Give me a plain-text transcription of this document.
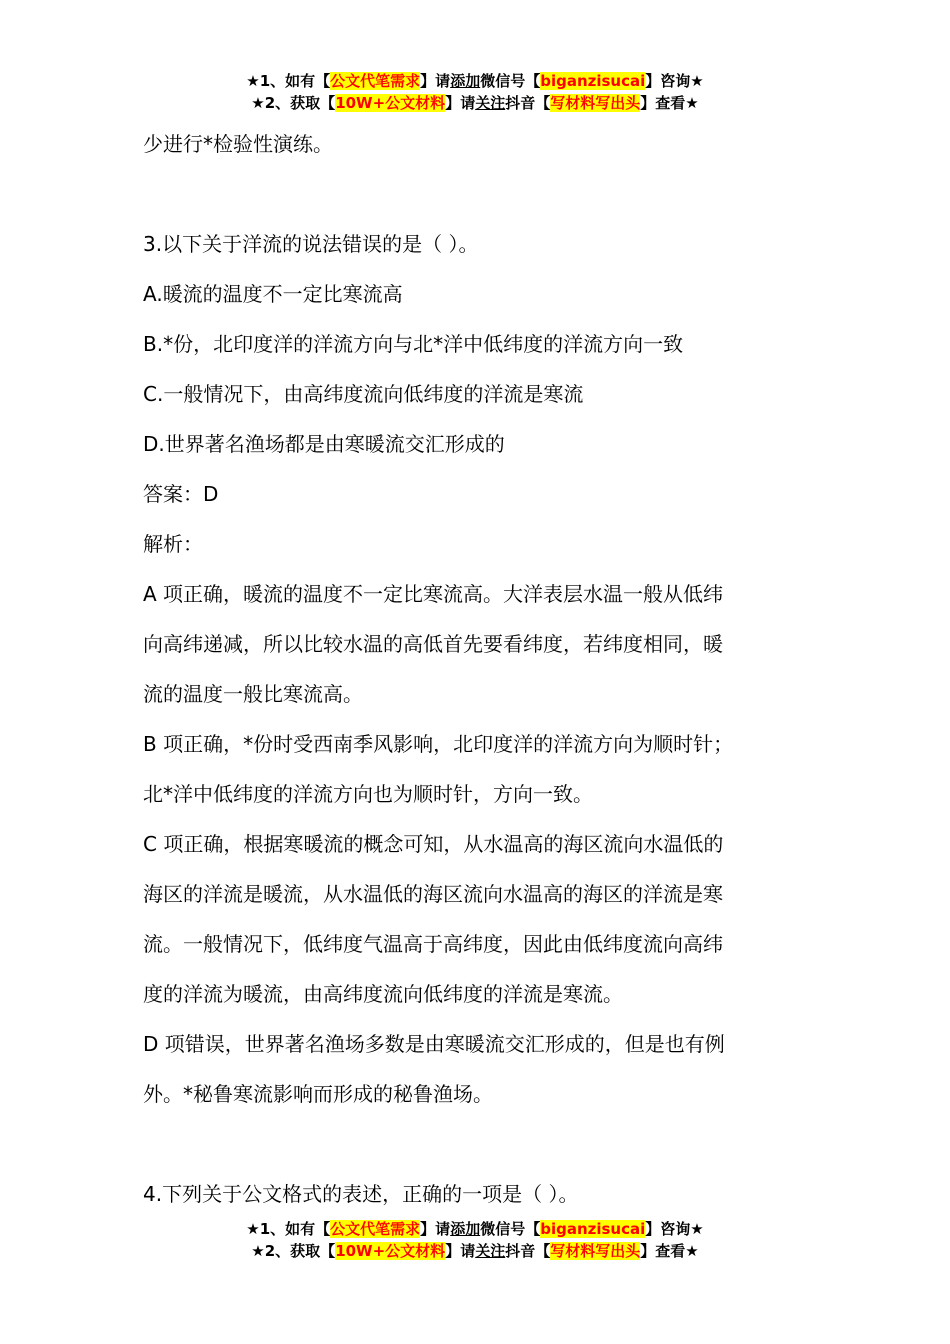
★1、如有【公文代笔需求】请添加微信号【biganzisucai】咨询★
★2、获取【10W+公文材料】请关注抖音【写材料写出头】查看★
少进行*检验性演练。
3.以下关于洋流的说法错误的是（ ）。
A.暖流的温度不一定比寒流高
B.*份，北印度洋的洋流方向与北*洋中低纬度的洋流方向一致
C.一般情况下，由高纬度流向低纬度的洋流是寒流
D.世界著名渔场都是由寒暖流交汇形成的
答案：D
解析：
A 项正确，暖流的温度不一定比寒流高。大洋表层水温一般从低纬
向高纬递减，所以比较水温的高低首先要看纬度，若纬度相同，暖
流的温度一般比寒流高。
B 项正确，*份时受西南季风影响，北印度洋的洋流方向为顺时针；
北*洋中低纬度的洋流方向也为顺时针，方向一致。
C 项正确，根据寒暖流的概念可知，从水温高的海区流向水温低的
海区的洋流是暖流，从水温低的海区流向水温高的海区的洋流是寒
流。一般情况下，低纬度气温高于高纬度，因此由低纬度流向高纬
度的洋流为暖流，由高纬度流向低纬度的洋流是寒流。
D 项错误，世界著名渔场多数是由寒暖流交汇形成的，但是也有例
外。*秘鲁寒流影响而形成的秘鲁渔场。
4.下列关于公文格式的表述，正确的一项是（ ）。
★1、如有【公文代笔需求】请添加微信号【biganzisucai】咨询★
★2、获取【10W+公文材料】请关注抖音【写材料写出头】查看★
